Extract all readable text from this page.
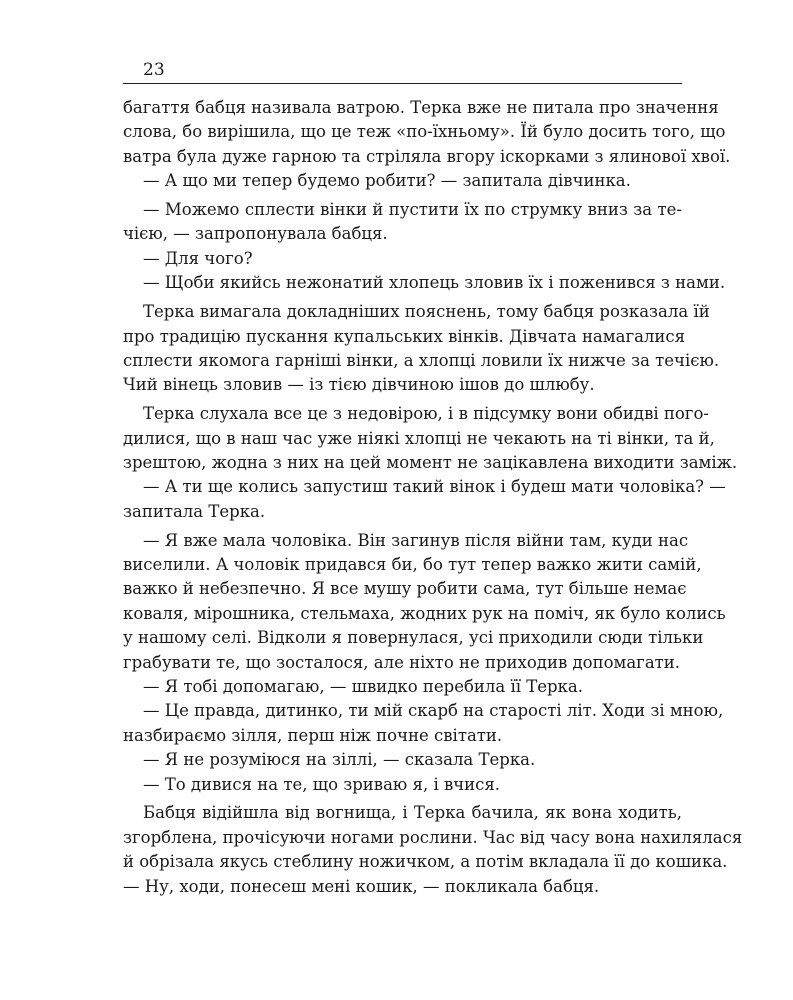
23
багаття бабця називала ватрою. Терка вже не питала про значення
слова, бо вирішила, що це теж «по-їхньому». Їй було досить того, що
ватра була дуже гарною та стріляла вгору іскорками з ялинової хвої.
— А що ми тепер будемо робити? — запитала дівчинка.
— Можемо сплести вінки й пустити їх по струмку вниз за те-
чією, — запропонувала бабця.
— Для чого?
— Щоби якийсь нежонатий хлопець зловив їх і поженився з нами.
Терка вимагала докладніших пояснень, тому бабця розказала їй
про традицію пускання купальських вінків. Дівчата намагалися
сплести якомога гарніші вінки, а хлопці ловили їх нижче за течією.
Чий вінець зловив — із тією дівчиною ішов до шлюбу.
Терка слухала все це з недовірою, і в підсумку вони обидві пого-
дилися, що в наш час уже ніякі хлопці не чекають на ті вінки, та й,
зрештою, жодна з них на цей момент не зацікавлена виходити заміж.
— А ти ще колись запустиш такий вінок і будеш мати чоловіка? —
запитала Терка.
— Я вже мала чоловіка. Він загинув після війни там, куди нас
виселили. А чоловік придався би, бо тут тепер важко жити самій,
важко й небезпечно. Я все мушу робити сама, тут більше немає
коваля, мірошника, стельмаха, жодних рук на поміч, як було колись
у нашому селі. Відколи я повернулася, усі приходили сюди тільки
грабувати те, що зосталося, але ніхто не приходив допомагати.
— Я тобі допомагаю, — швидко перебила її Терка.
— Це правда, дитинко, ти мій скарб на старості літ. Ходи зі мною,
назбираємо зілля, перш ніж почне світати.
— Я не розуміюся на зіллі, — сказала Терка.
— То дивися на те, що зриваю я, і вчися.
Бабця відійшла від вогнища, і Терка бачила, як вона ходить,
згорблена, прочісуючи ногами рослини. Час від часу вона нахилялася
й обрізала якусь стеблину ножичком, а потім вкладала її до кошика.
— Ну, ходи, понесеш мені кошик, — покликала бабця.
